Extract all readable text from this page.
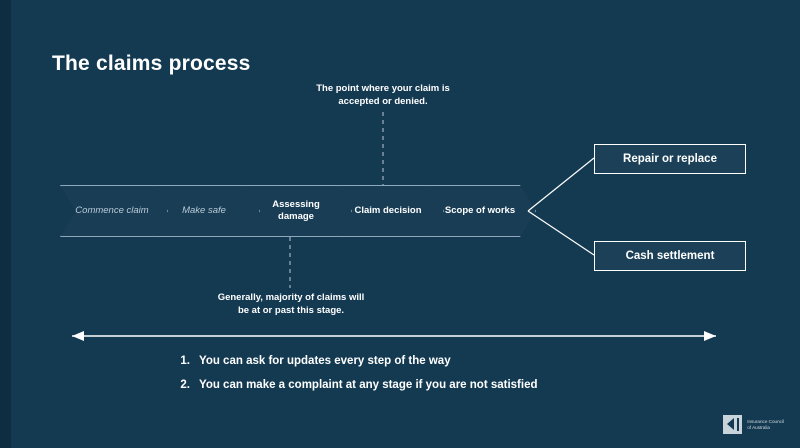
The claims process
Commence claim	Make safe
Assessing damage
Claim decision Scope of works
Repair or replace
Cash settlement
The point where your claim is accepted or denied.
Generally, majority of claims will be at or past this stage.
1. You can ask for updates every step of the way
2. You can make a complaint at any stage if you are not satisfied
Insurance Council
of Australia
